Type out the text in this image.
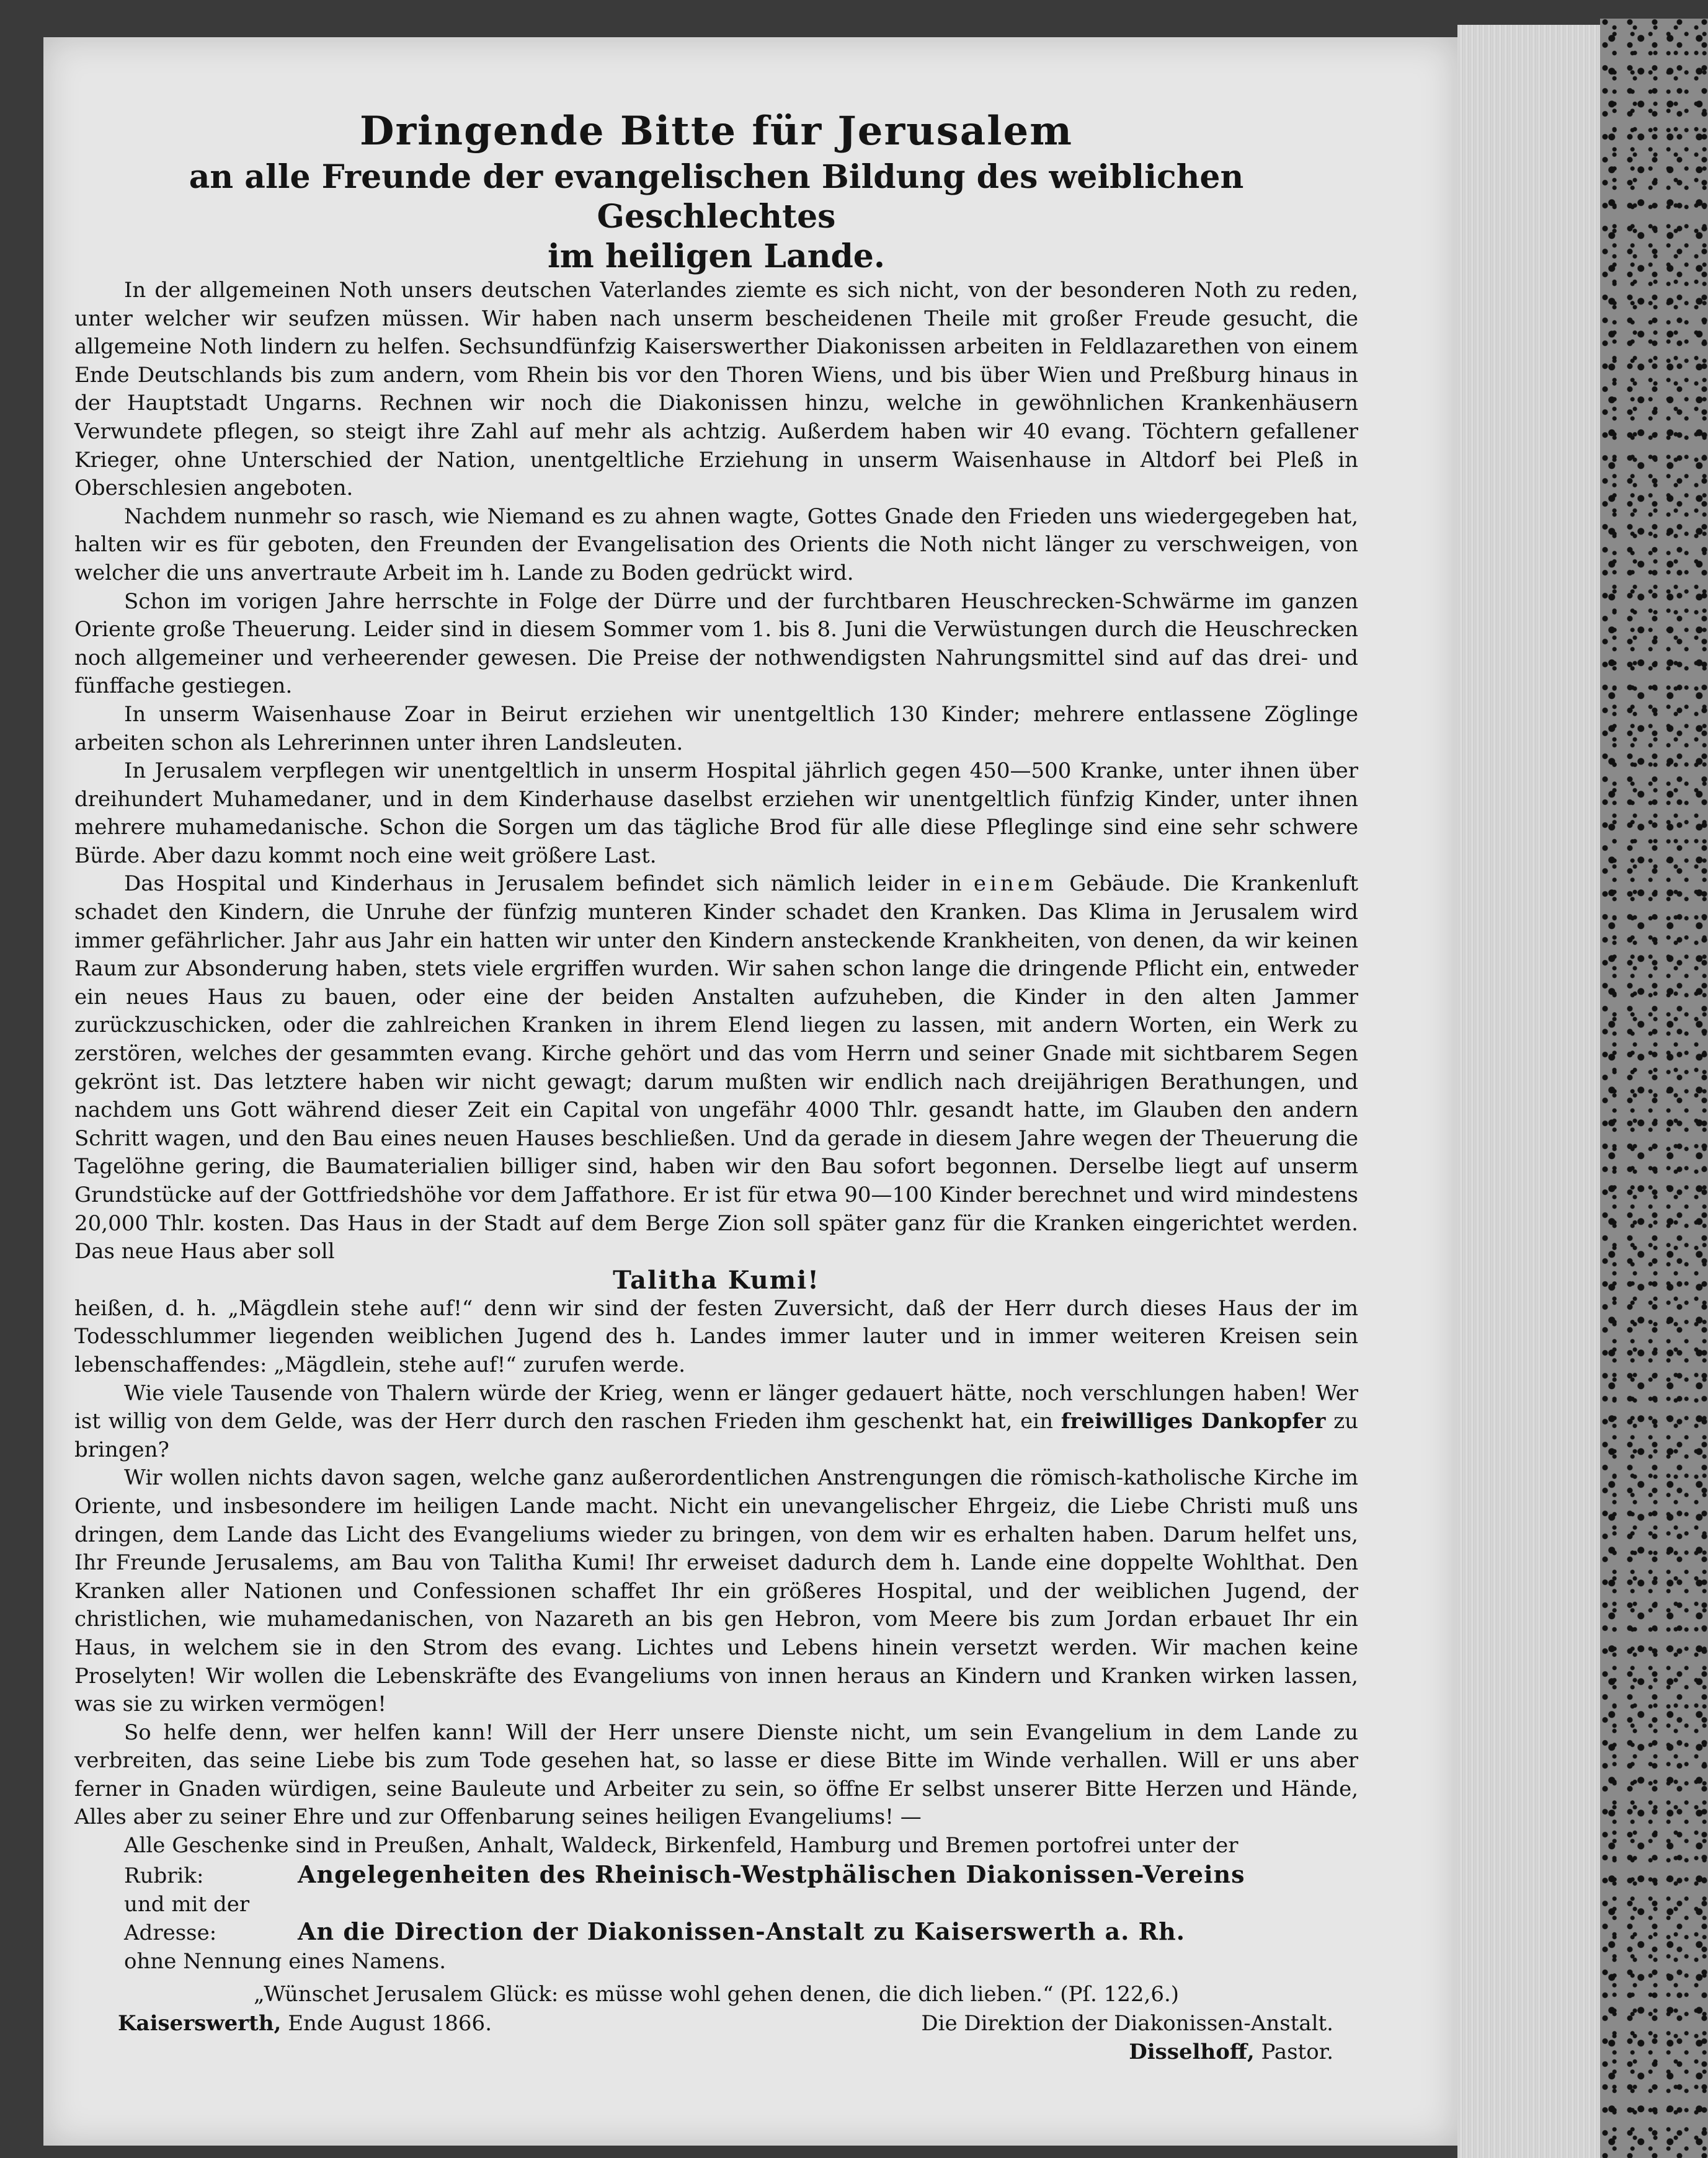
Dringende Bitte für Jerusalem

an alle Freunde der evangelischen Bildung des weiblichen Geschlechtes

im heiligen Lande.

In der allgemeinen Noth unsers deutschen Vaterlandes ziemte es sich nicht, von der besonderen Noth zu reden, unter welcher wir seufzen müssen. Wir haben nach unserm bescheidenen Theile mit großer Freude gesucht, die allgemeine Noth lindern zu helfen. Sechsundfünfzig Kaiserswerther Diakonissen arbeiten in Feldlazarethen von einem Ende Deutschlands bis zum andern, vom Rhein bis vor den Thoren Wiens, und bis über Wien und Preßburg hinaus in der Hauptstadt Ungarns. Rechnen wir noch die Diakonissen hinzu, welche in gewöhnlichen Krankenhäusern Verwundete pflegen, so steigt ihre Zahl auf mehr als achtzig. Außerdem haben wir 40 evang. Töchtern gefallener Krieger, ohne Unterschied der Nation, unentgeltliche Erziehung in unserm Waisenhause in Altdorf bei Pleß in Oberschlesien angeboten.

Nachdem nunmehr so rasch, wie Niemand es zu ahnen wagte, Gottes Gnade den Frieden uns wiedergegeben hat, halten wir es für geboten, den Freunden der Evangelisation des Orients die Noth nicht länger zu verschweigen, von welcher die uns anvertraute Arbeit im h. Lande zu Boden gedrückt wird.

Schon im vorigen Jahre herrschte in Folge der Dürre und der furchtbaren Heuschrecken-Schwärme im ganzen Oriente große Theuerung. Leider sind in diesem Sommer vom 1. bis 8. Juni die Verwüstungen durch die Heuschrecken noch allgemeiner und verheerender gewesen. Die Preise der nothwendigsten Nahrungsmittel sind auf das drei- und fünffache gestiegen.

In unserm Waisenhause Zoar in Beirut erziehen wir unentgeltlich 130 Kinder; mehrere entlassene Zöglinge arbeiten schon als Lehrerinnen unter ihren Landsleuten.

In Jerusalem verpflegen wir unentgeltlich in unserm Hospital jährlich gegen 450—500 Kranke, unter ihnen über dreihundert Muhamedaner, und in dem Kinderhause daselbst erziehen wir unentgeltlich fünfzig Kinder, unter ihnen mehrere muhamedanische. Schon die Sorgen um das tägliche Brod für alle diese Pfleglinge sind eine sehr schwere Bürde. Aber dazu kommt noch eine weit größere Last.

Das Hospital und Kinderhaus in Jerusalem befindet sich nämlich leider in einem Gebäude. Die Krankenluft schadet den Kindern, die Unruhe der fünfzig munteren Kinder schadet den Kranken. Das Klima in Jerusalem wird immer gefährlicher. Jahr aus Jahr ein hatten wir unter den Kindern ansteckende Krankheiten, von denen, da wir keinen Raum zur Absonderung haben, stets viele ergriffen wurden. Wir sahen schon lange die dringende Pflicht ein, entweder ein neues Haus zu bauen, oder eine der beiden Anstalten aufzuheben, die Kinder in den alten Jammer zurückzuschicken, oder die zahlreichen Kranken in ihrem Elend liegen zu lassen, mit andern Worten, ein Werk zu zerstören, welches der gesammten evang. Kirche gehört und das vom Herrn und seiner Gnade mit sichtbarem Segen gekrönt ist. Das letztere haben wir nicht gewagt; darum mußten wir endlich nach dreijährigen Berathungen, und nachdem uns Gott während dieser Zeit ein Capital von ungefähr 4000 Thlr. gesandt hatte, im Glauben den andern Schritt wagen, und den Bau eines neuen Hauses beschließen. Und da gerade in diesem Jahre wegen der Theuerung die Tagelöhne gering, die Baumaterialien billiger sind, haben wir den Bau sofort begonnen. Derselbe liegt auf unserm Grundstücke auf der Gottfriedshöhe vor dem Jaffathore. Er ist für etwa 90—100 Kinder berechnet und wird mindestens 20,000 Thlr. kosten. Das Haus in der Stadt auf dem Berge Zion soll später ganz für die Kranken eingerichtet werden. Das neue Haus aber soll

Talitha Kumi!

heißen, d. h. „Mägdlein stehe auf!“ denn wir sind der festen Zuversicht, daß der Herr durch dieses Haus der im Todesschlummer liegenden weiblichen Jugend des h. Landes immer lauter und in immer weiteren Kreisen sein lebenschaffendes: „Mägdlein, stehe auf!“ zurufen werde.

Wie viele Tausende von Thalern würde der Krieg, wenn er länger gedauert hätte, noch verschlungen haben! Wer ist willig von dem Gelde, was der Herr durch den raschen Frieden ihm geschenkt hat, ein freiwilliges Dankopfer zu bringen?

Wir wollen nichts davon sagen, welche ganz außerordentlichen Anstrengungen die römisch-katholische Kirche im Oriente, und insbesondere im heiligen Lande macht. Nicht ein unevangelischer Ehrgeiz, die Liebe Christi muß uns dringen, dem Lande das Licht des Evangeliums wieder zu bringen, von dem wir es erhalten haben. Darum helfet uns, Ihr Freunde Jerusalems, am Bau von Talitha Kumi! Ihr erweiset dadurch dem h. Lande eine doppelte Wohlthat. Den Kranken aller Nationen und Confessionen schaffet Ihr ein größeres Hospital, und der weiblichen Jugend, der christlichen, wie muhamedanischen, von Nazareth an bis gen Hebron, vom Meere bis zum Jordan erbauet Ihr ein Haus, in welchem sie in den Strom des evang. Lichtes und Lebens hinein versetzt werden. Wir machen keine Proselyten! Wir wollen die Lebenskräfte des Evangeliums von innen heraus an Kindern und Kranken wirken lassen, was sie zu wirken vermögen!

So helfe denn, wer helfen kann! Will der Herr unsere Dienste nicht, um sein Evangelium in dem Lande zu verbreiten, das seine Liebe bis zum Tode gesehen hat, so lasse er diese Bitte im Winde verhallen. Will er uns aber ferner in Gnaden würdigen, seine Bauleute und Arbeiter zu sein, so öffne Er selbst unserer Bitte Herzen und Hände, Alles aber zu seiner Ehre und zur Offenbarung seines heiligen Evangeliums! —

Alle Geschenke sind in Preußen, Anhalt, Waldeck, Birkenfeld, Hamburg und Bremen portofrei unter der

Rubrik:	Angelegenheiten des Rheinisch-Westphälischen Diakonissen-Vereins

und mit der Adresse:	An die Direction der Diakonissen-Anstalt zu Kaiserswerth a. Rh.

ohne Nennung eines Namens.

„Wünschet Jerusalem Glück: es müsse wohl gehen denen, die dich lieben.“ (Pſ. 122,6.)

Kaiserswerth, Ende August 1866.	Die Direktion der Diakonissen-Anstalt.
Disselhoff, Pastor.
